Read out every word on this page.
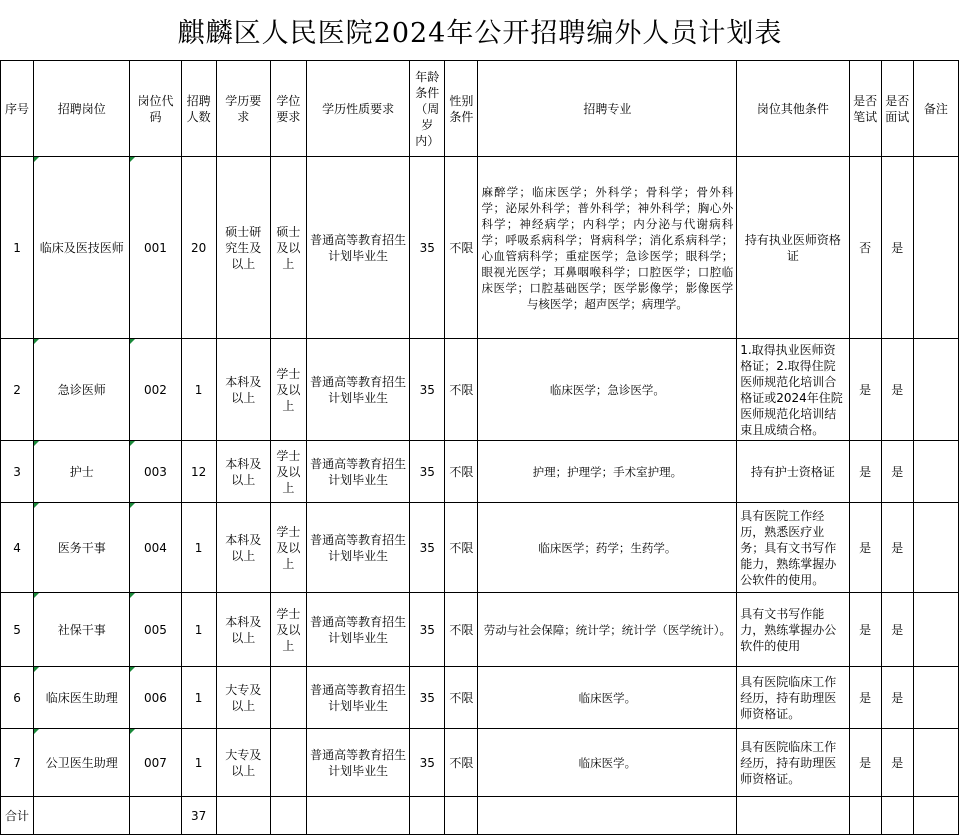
麒麟区人民医院2024年公开招聘编外人员计划表
序号	招聘岗位	岗位代码	招聘人数	学历要求	学位要求	学历性质要求	年龄条件（周岁内）	性别条件	招聘专业	岗位其他条件	是否笔试	是否面试	备注
1	临床及医技医师	001	20	硕士研究生及以上	硕士及以上	普通高等教育招生计划毕业生	35	不限	麻醉学；临床医学；外科学；骨科学；骨外科学；泌尿外科学；普外科学；神外科学；胸心外科学；神经病学；内科学；内分泌与代谢病科学；呼吸系病科学；肾病科学；消化系病科学；心血管病科学；重症医学；急诊医学；眼科学；眼视光医学；耳鼻咽喉科学；口腔医学；口腔临床医学；口腔基础医学；医学影像学；影像医学与核医学；超声医学；病理学。	持有执业医师资格证	否	是	
2	急诊医师	002	1	本科及以上	学士及以上	普通高等教育招生计划毕业生	35	不限	临床医学；急诊医学。	1.取得执业医师资格证；2.取得住院医师规范化培训合格证或2024年住院医师规范化培训结束且成绩合格。	是	是	
3	护士	003	12	本科及以上	学士及以上	普通高等教育招生计划毕业生	35	不限	护理；护理学；手术室护理。	持有护士资格证	是	是	
4	医务干事	004	1	本科及以上	学士及以上	普通高等教育招生计划毕业生	35	不限	临床医学；药学；生药学。	具有医院工作经历，熟悉医疗业务；具有文书写作能力，熟练掌握办公软件的使用。	是	是	
5	社保干事	005	1	本科及以上	学士及以上	普通高等教育招生计划毕业生	35	不限	劳动与社会保障；统计学；统计学（医学统计）。	具有文书写作能力，熟练掌握办公软件的使用	是	是	
6	临床医生助理	006	1	大专及以上		普通高等教育招生计划毕业生	35	不限	临床医学。	具有医院临床工作经历，持有助理医师资格证。	是	是	
7	公卫医生助理	007	1	大专及以上		普通高等教育招生计划毕业生	35	不限	临床医学。	具有医院临床工作经历，持有助理医师资格证。	是	是	
合计			37										
